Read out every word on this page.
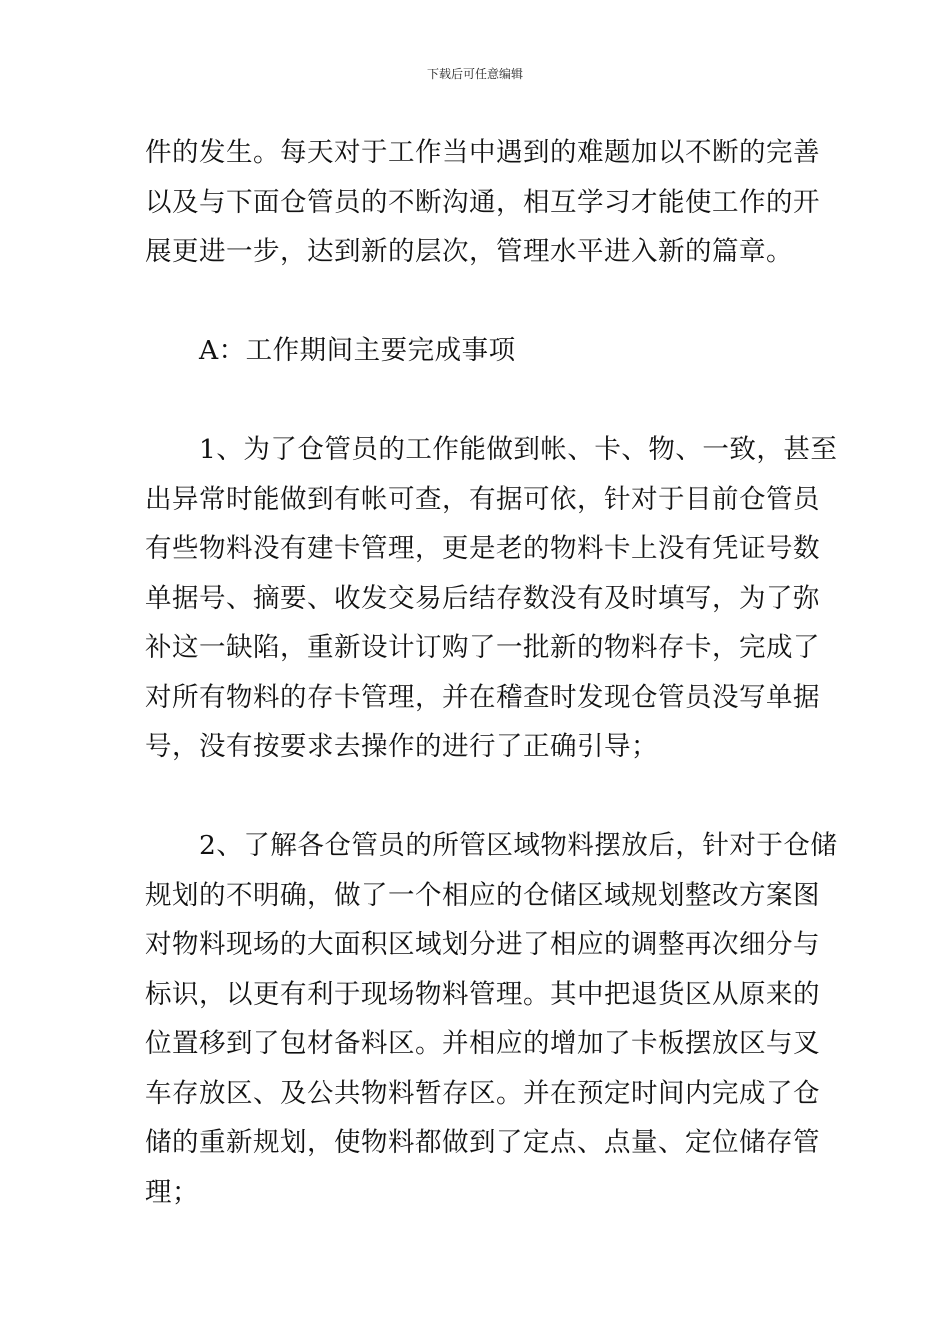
下载后可任意编辑
件的发生。每天对于工作当中遇到的难题加以不断的完善
以及与下面仓管员的不断沟通，相互学习才能使工作的开
展更进一步，达到新的层次，管理水平进入新的篇章。
　　A：工作期间主要完成事项
　　1、为了仓管员的工作能做到帐、卡、物、一致，甚至
出异常时能做到有帐可查，有据可依，针对于目前仓管员
有些物料没有建卡管理，更是老的物料卡上没有凭证号数
单据号、摘要、收发交易后结存数没有及时填写，为了弥
补这一缺陷，重新设计订购了一批新的物料存卡，完成了
对所有物料的存卡管理，并在稽查时发现仓管员没写单据
号，没有按要求去操作的进行了正确引导；
　　2、了解各仓管员的所管区域物料摆放后，针对于仓储
规划的不明确，做了一个相应的仓储区域规划整改方案图
对物料现场的大面积区域划分进了相应的调整再次细分与
标识，以更有利于现场物料管理。其中把退货区从原来的
位置移到了包材备料区。并相应的增加了卡板摆放区与叉
车存放区、及公共物料暂存区。并在预定时间内完成了仓
储的重新规划，使物料都做到了定点、点量、定位储存管
理；
